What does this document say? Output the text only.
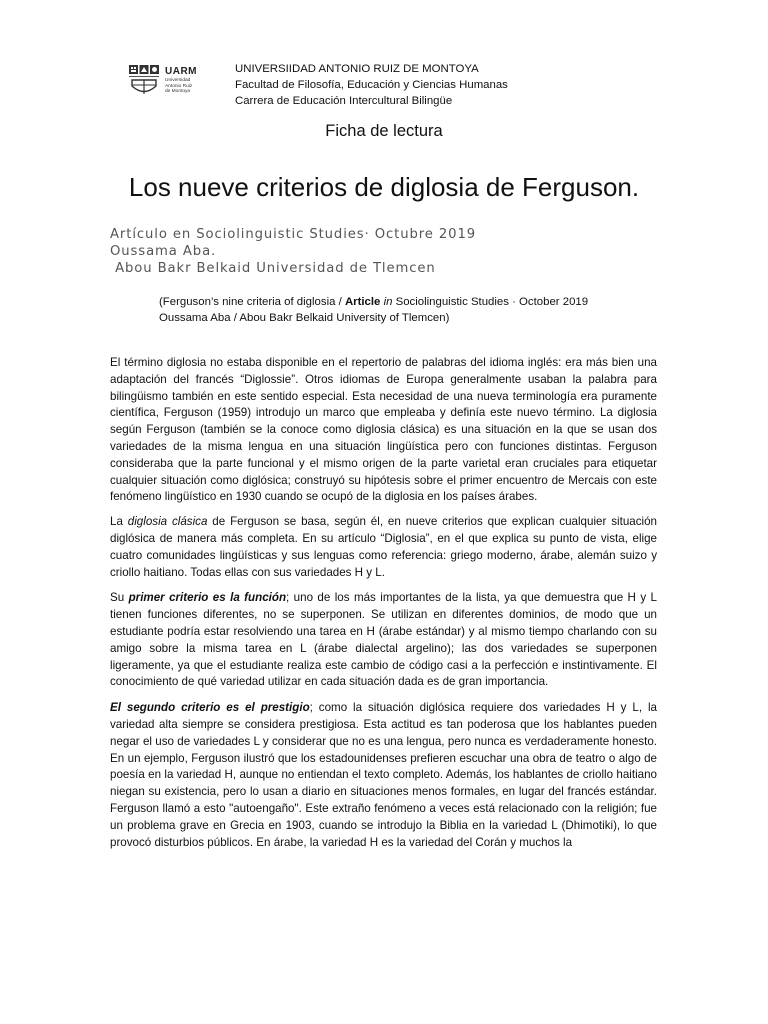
UARM
Universidad
Antonio Ruiz
de Montoya
UNIVERSIIDAD ANTONIO RUIZ DE MONTOYA
Facultad de Filosofía, Educación y Ciencias Humanas
Carrera de Educación Intercultural Bilingüe
Ficha de lectura
Los nueve criterios de diglosia de Ferguson.
Artículo en Sociolinguistic Studies· Octubre 2019
Oussama Aba.
Abou Bakr Belkaid Universidad de Tlemcen
(Ferguson’s nine criteria of diglosia / Article in Sociolinguistic Studies · October 2019
Oussama Aba / Abou Bakr Belkaid University of Tlemcen)

El término diglosia no estaba disponible en el repertorio de palabras del idioma inglés: era más bien una adaptación del francés “Diglossie”. Otros idiomas de Europa generalmente usaban la palabra para bilingüismo también en este sentido especial. Esta necesidad de una nueva terminología era puramente científica, Ferguson (1959) introdujo un marco que empleaba y definía este nuevo término. La diglosia según Ferguson (también se la conoce como diglosia clásica) es una situación en la que se usan dos variedades de la misma lengua en una situación lingüística pero con funciones distintas. Ferguson consideraba que la parte funcional y el mismo origen de la parte varietal eran cruciales para etiquetar cualquier situación como diglósica; construyó su hipótesis sobre el primer encuentro de Mercais con este fenómeno lingüístico en 1930 cuando se ocupó de la diglosia en los países árabes.

La diglosia clásica de Ferguson se basa, según él, en nueve criterios que explican cualquier situación diglósica de manera más completa. En su artículo “Diglosia”, en el que explica su punto de vista, elige cuatro comunidades lingüísticas y sus lenguas como referencia: griego moderno, árabe, alemán suizo y criollo haitiano. Todas ellas con sus variedades H y L.

Su primer criterio es la función; uno de los más importantes de la lista, ya que demuestra que H y L tienen funciones diferentes, no se superponen. Se utilizan en diferentes dominios, de modo que un estudiante podría estar resolviendo una tarea en H (árabe estándar) y al mismo tiempo charlando con su amigo sobre la misma tarea en L (árabe dialectal argelino); las dos variedades se superponen ligeramente, ya que el estudiante realiza este cambio de código casi a la perfección e instintivamente. El conocimiento de qué variedad utilizar en cada situación dada es de gran importancia.

El segundo criterio es el prestigio; como la situación diglósica requiere dos variedades H y L, la variedad alta siempre se considera prestigiosa. Esta actitud es tan poderosa que los hablantes pueden negar el uso de variedades L y considerar que no es una lengua, pero nunca es verdaderamente honesto. En un ejemplo, Ferguson ilustró que los estadounidenses prefieren escuchar una obra de teatro o algo de poesía en la variedad H, aunque no entiendan el texto completo. Además, los hablantes de criollo haitiano niegan su existencia, pero lo usan a diario en situaciones menos formales, en lugar del francés estándar. Ferguson llamó a esto "autoengaño". Este extraño fenómeno a veces está relacionado con la religión; fue un problema grave en Grecia en 1903, cuando se introdujo la Biblia en la variedad L (Dhimotiki), lo que provocó disturbios públicos. En árabe, la variedad H es la variedad del Corán y muchos la
